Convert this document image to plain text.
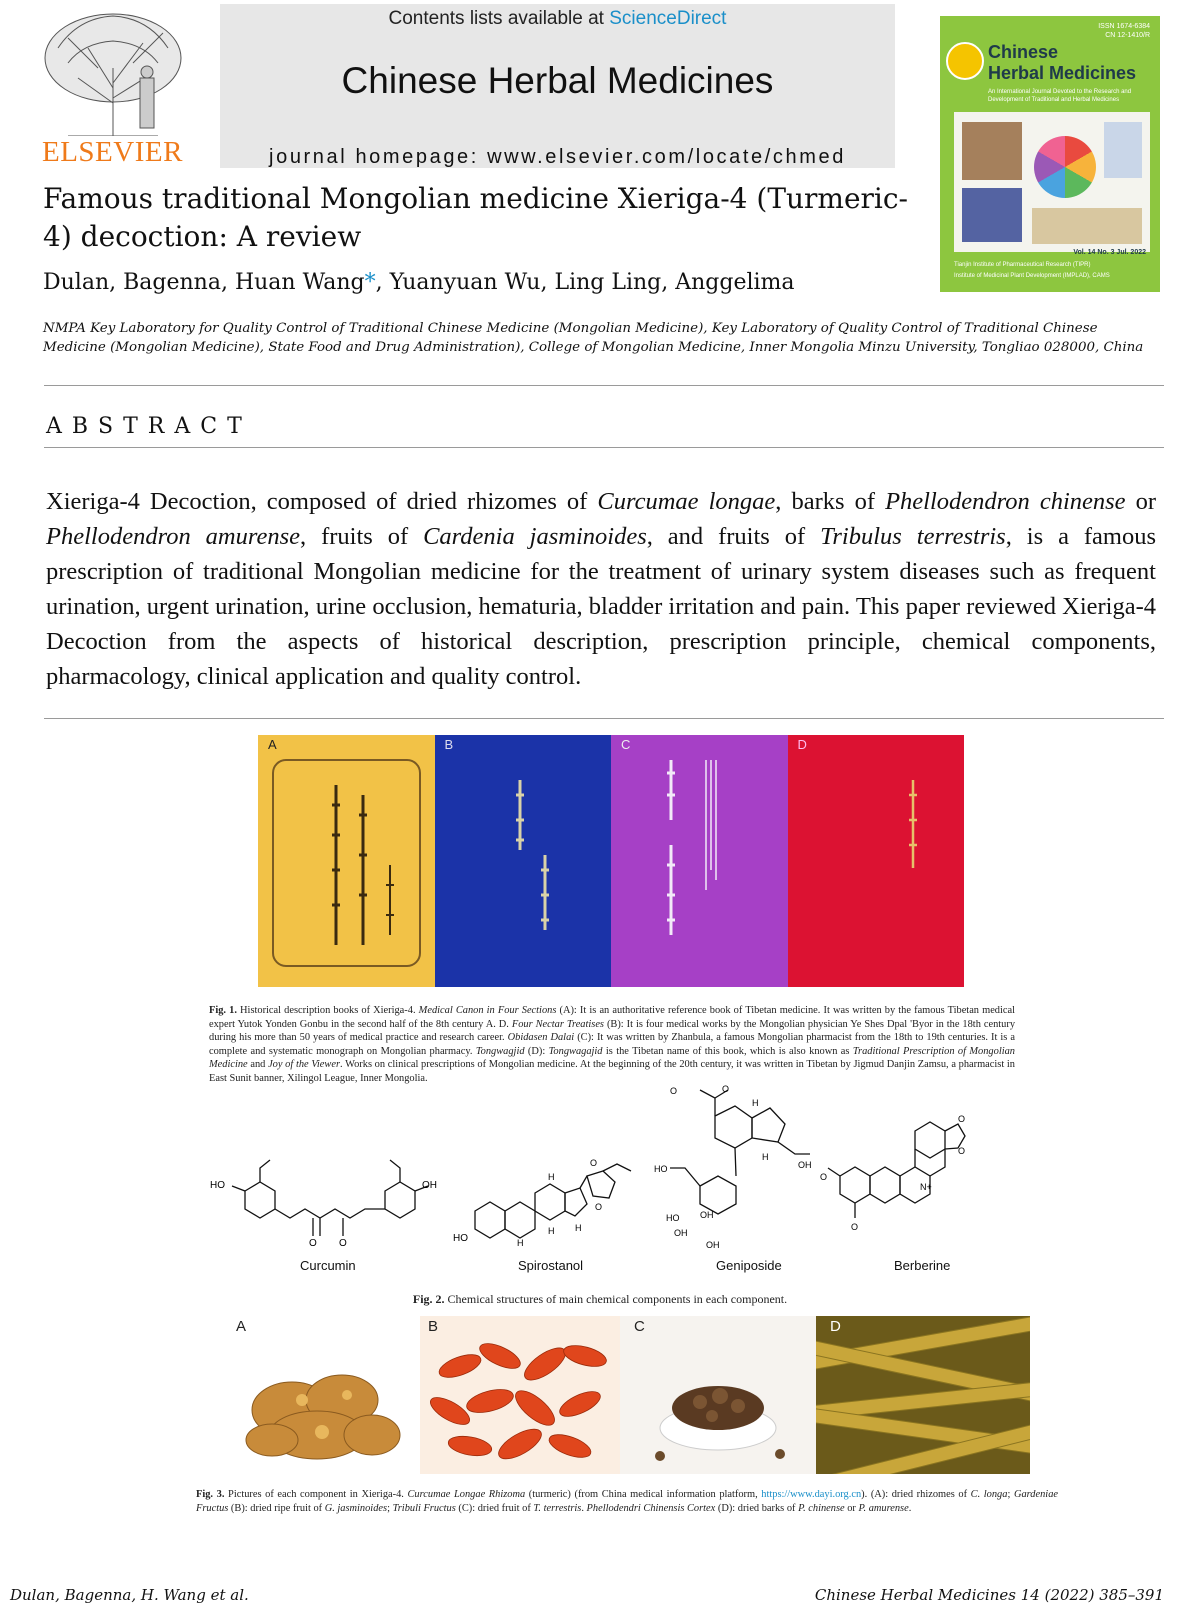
ELSEVIER
Contents lists available at ScienceDirect
Chinese Herbal Medicines
journal homepage: www.elsevier.com/locate/chmed
ISSN 1674-6384
CN 12-1410/R
Chinese
Herbal Medicines
An International Journal Devoted to the Research and Development of Traditional and Herbal Medicines
Vol. 14 No. 3 Jul. 2022
Tianjin Institute of Pharmaceutical Research (TIPR)
Institute of Medicinal Plant Development (IMPLAD), CAMS
Famous traditional Mongolian medicine Xieriga-4 (Turmeric-4) decoction: A review
Dulan, Bagenna, Huan Wang*, Yuanyuan Wu, Ling Ling, Anggelima
NMPA Key Laboratory for Quality Control of Traditional Chinese Medicine (Mongolian Medicine), Key Laboratory of Quality Control of Traditional Chinese Medicine (Mongolian Medicine), State Food and Drug Administration), College of Mongolian Medicine, Inner Mongolia Minzu University, Tongliao 028000, China
ABSTRACT
Xieriga-4 Decoction, composed of dried rhizomes of Curcumae longae, barks of Phellodendron chinense or Phellodendron amurense, fruits of Cardenia jasminoides, and fruits of Tribulus terrestris, is a famous prescription of traditional Mongolian medicine for the treatment of urinary system diseases such as frequent urination, urgent urination, urine occlusion, hematuria, bladder irritation and pain. This paper reviewed Xieriga-4 Decoction from the aspects of historical description, prescription principle, chemical components, pharmacology, clinical application and quality control.
A	B	C	D
Fig. 1. Historical description books of Xieriga-4. Medical Canon in Four Sections (A): It is an authoritative reference book of Tibetan medicine. It was written by the famous Tibetan medical expert Yutok Yonden Gonbu in the second half of the 8th century A. D. Four Nectar Treatises (B): It is four medical works by the Mongolian physician Ye Shes Dpal 'Byor in the 18th century during his more than 50 years of medical practice and research career. Obidasen Dalai (C): It was written by Zhanbula, a famous Mongolian pharmacist from the 18th to 19th centuries. It is a complete and systematic monograph on Mongolian pharmacy. Tongwagjid (D): Tongwagajid is the Tibetan name of this book, which is also known as Traditional Prescription of Mongolian Medicine and Joy of the Viewer. Works on clinical prescriptions of Mongolian medicine. At the beginning of the 20th century, it was written in Tibetan by Jigmud Danjin Zamsu, a pharmacist in East Sunit banner, Xilingol League, Inner Mongolia.
HO	OH
O O
Curcumin
HO
H
H
H H
O
O
Spirostanol
O
O
H
H
OH
HO
OH
HO
OH
OH
Geniposide
N+
O
O
O
O
Berberine
Fig. 2. Chemical structures of main chemical components in each component.
A	B	C	D
Fig. 3. Pictures of each component in Xieriga-4. Curcumae Longae Rhizoma (turmeric) (from China medical information platform, https://www.dayi.org.cn). (A): dried rhizomes of C. longa; Gardeniae Fructus (B): dried ripe fruit of G. jasminoides; Tribuli Fructus (C): dried fruit of T. terrestris. Phellodendri Chinensis Cortex (D): dried barks of P. chinense or P. amurense.
Dulan, Bagenna, H. Wang et al.	Chinese Herbal Medicines 14 (2022) 385–391
